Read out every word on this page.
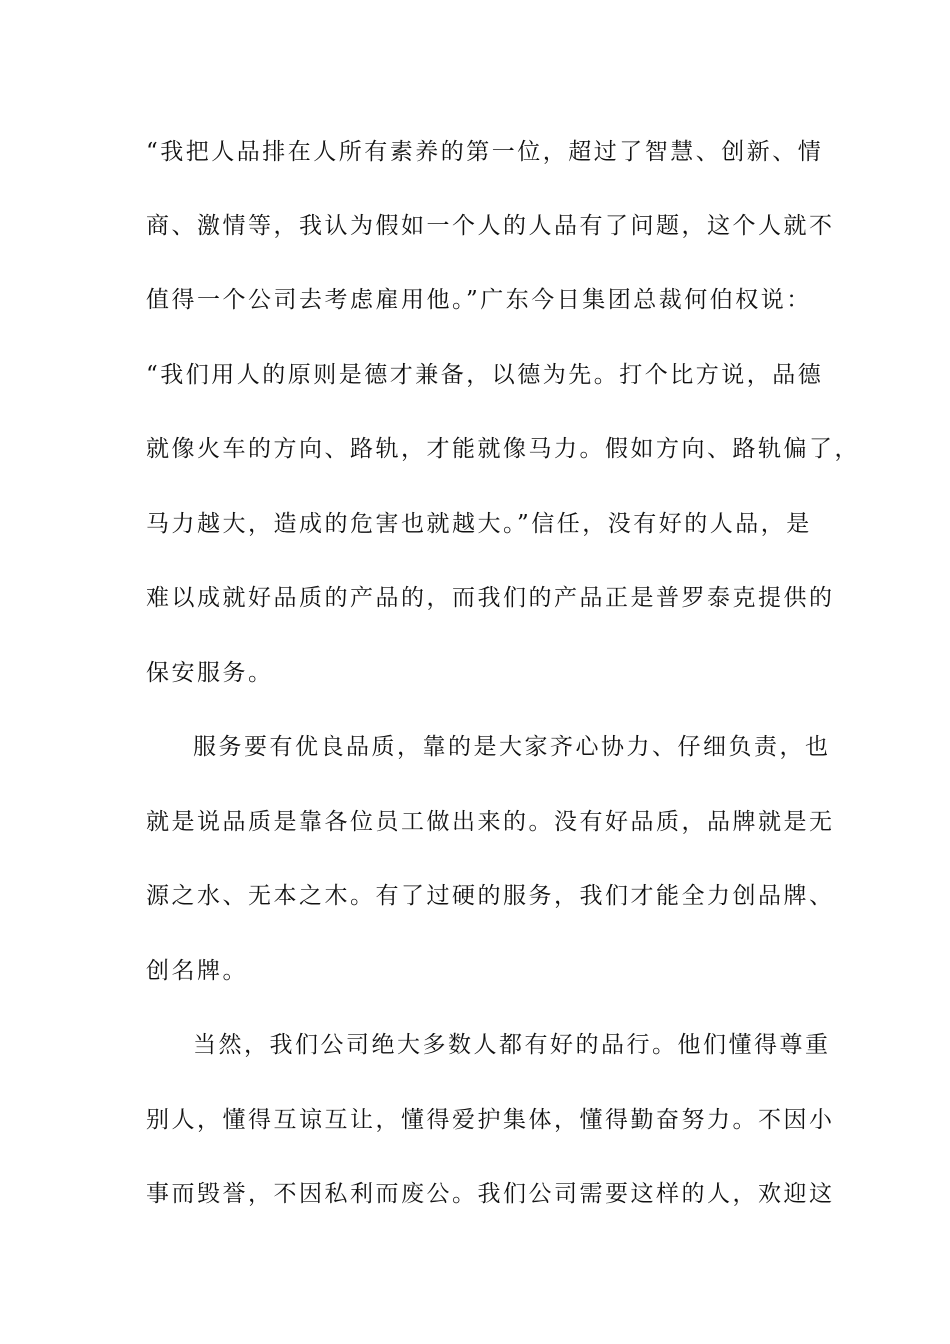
“我把人品排在人所有素养的第一位，超过了智慧、创新、情
商、激情等，我认为假如一个人的人品有了问题，这个人就不
值得一个公司去考虑雇用他。”广东今日集团总裁何伯权说：
“我们用人的原则是德才兼备，以德为先。打个比方说，品德
就像火车的方向、路轨，才能就像马力。假如方向、路轨偏了，
马力越大，造成的危害也就越大。”信任，没有好的人品，是
难以成就好品质的产品的，而我们的产品正是普罗泰克提供的
保安服务。
服务要有优良品质，靠的是大家齐心协力、仔细负责，也
就是说品质是靠各位员工做出来的。没有好品质，品牌就是无
源之水、无本之木。有了过硬的服务，我们才能全力创品牌、
创名牌。
当然，我们公司绝大多数人都有好的品行。他们懂得尊重
别人，懂得互谅互让，懂得爱护集体，懂得勤奋努力。不因小
事而毁誉，不因私利而废公。我们公司需要这样的人，欢迎这
